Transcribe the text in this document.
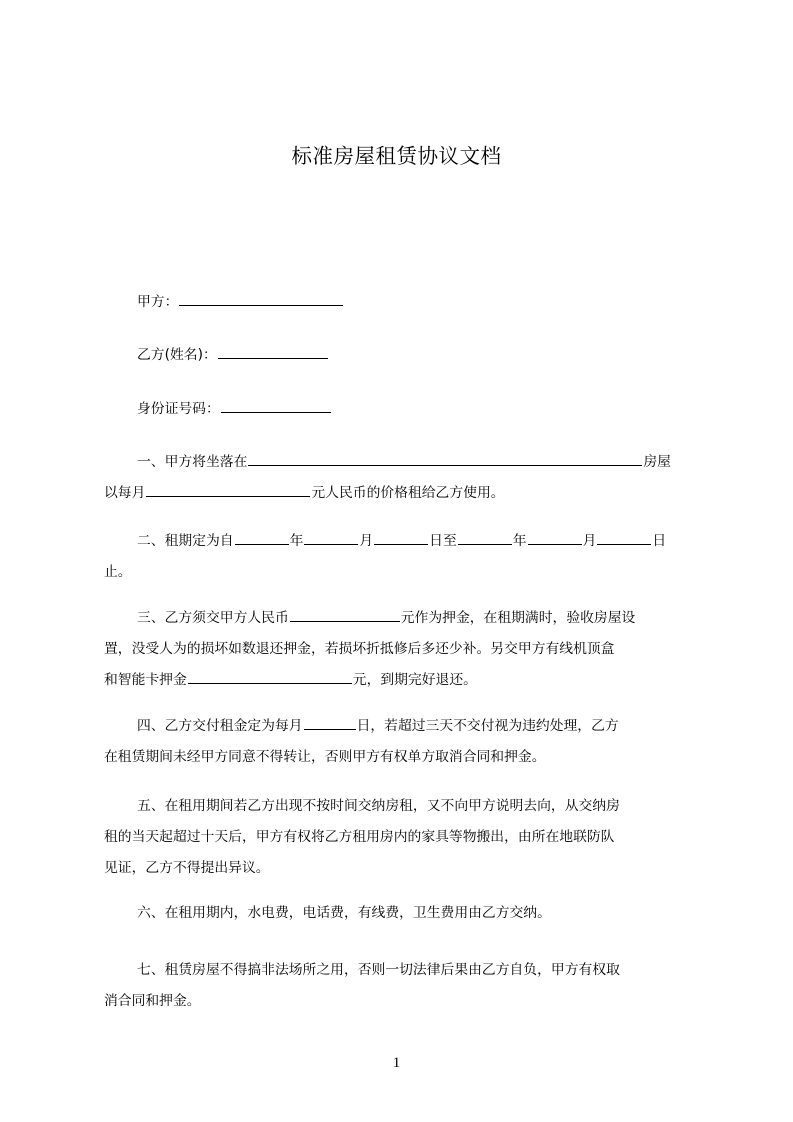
标准房屋租赁协议文档
甲方：
乙方(姓名)：
身份证号码：
一、甲方将坐落在	房屋
以每月	元人民币的价格租给乙方使用。
二、租期定为自	年	月	日至	年	月	日
止。
三、乙方须交甲方人民币	元作为押金，在租期满时，验收房屋设
置，没受人为的损坏如数退还押金，若损坏折抵修后多还少补。另交甲方有线机顶盒
和智能卡押金	元，到期完好退还。
四、乙方交付租金定为每月	日，若超过三天不交付视为违约处理，乙方
在租赁期间未经甲方同意不得转让，否则甲方有权单方取消合同和押金。
五、在租用期间若乙方出现不按时间交纳房租，又不向甲方说明去向，从交纳房
租的当天起超过十天后，甲方有权将乙方租用房内的家具等物搬出，由所在地联防队
见证，乙方不得提出异议。
六、在租用期内，水电费，电话费，有线费，卫生费用由乙方交纳。
七、租赁房屋不得搞非法场所之用，否则一切法律后果由乙方自负，甲方有权取
消合同和押金。
1
